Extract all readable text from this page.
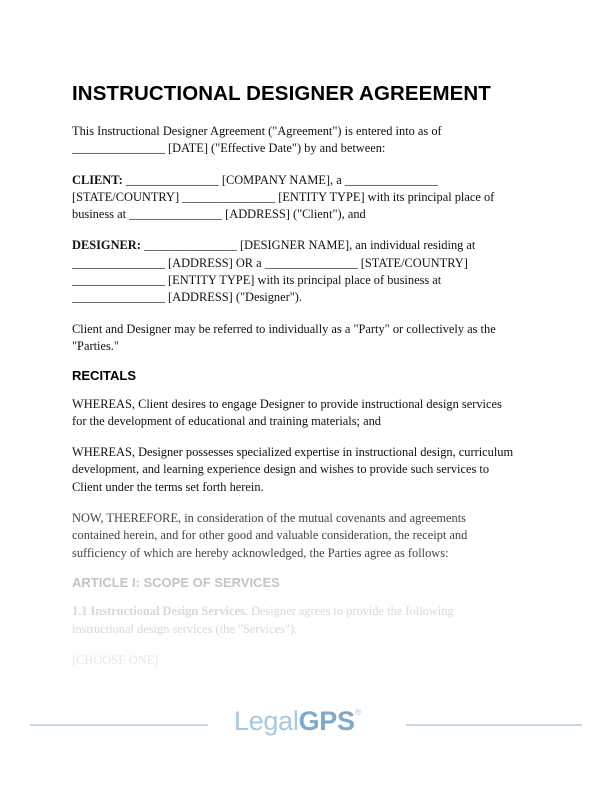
INSTRUCTIONAL DESIGNER AGREEMENT

This Instructional Designer Agreement ("Agreement") is entered into as of

_______________ [DATE] ("Effective Date") by and between:

CLIENT: _______________ [COMPANY NAME], a _______________

[STATE/COUNTRY] _______________ [ENTITY TYPE] with its principal place of

business at _______________ [ADDRESS] ("Client"), and

DESIGNER: _______________ [DESIGNER NAME], an individual residing at

_______________ [ADDRESS] OR a _______________ [STATE/COUNTRY]

_______________ [ENTITY TYPE] with its principal place of business at

_______________ [ADDRESS] ("Designer").

Client and Designer may be referred to individually as a "Party" or collectively as the

"Parties."

RECITALS

WHEREAS, Client desires to engage Designer to provide instructional design services

for the development of educational and training materials; and

WHEREAS, Designer possesses specialized expertise in instructional design, curriculum

development, and learning experience design and wishes to provide such services to

Client under the terms set forth herein.

NOW, THEREFORE, in consideration of the mutual covenants and agreements

contained herein, and for other good and valuable consideration, the receipt and

sufficiency of which are hereby acknowledged, the Parties agree as follows:

ARTICLE I: SCOPE OF SERVICES

1.1 Instructional Design Services. Designer agrees to provide the following

instructional design services (the "Services"):

[CHOOSE ONE]

LegalGPS®
